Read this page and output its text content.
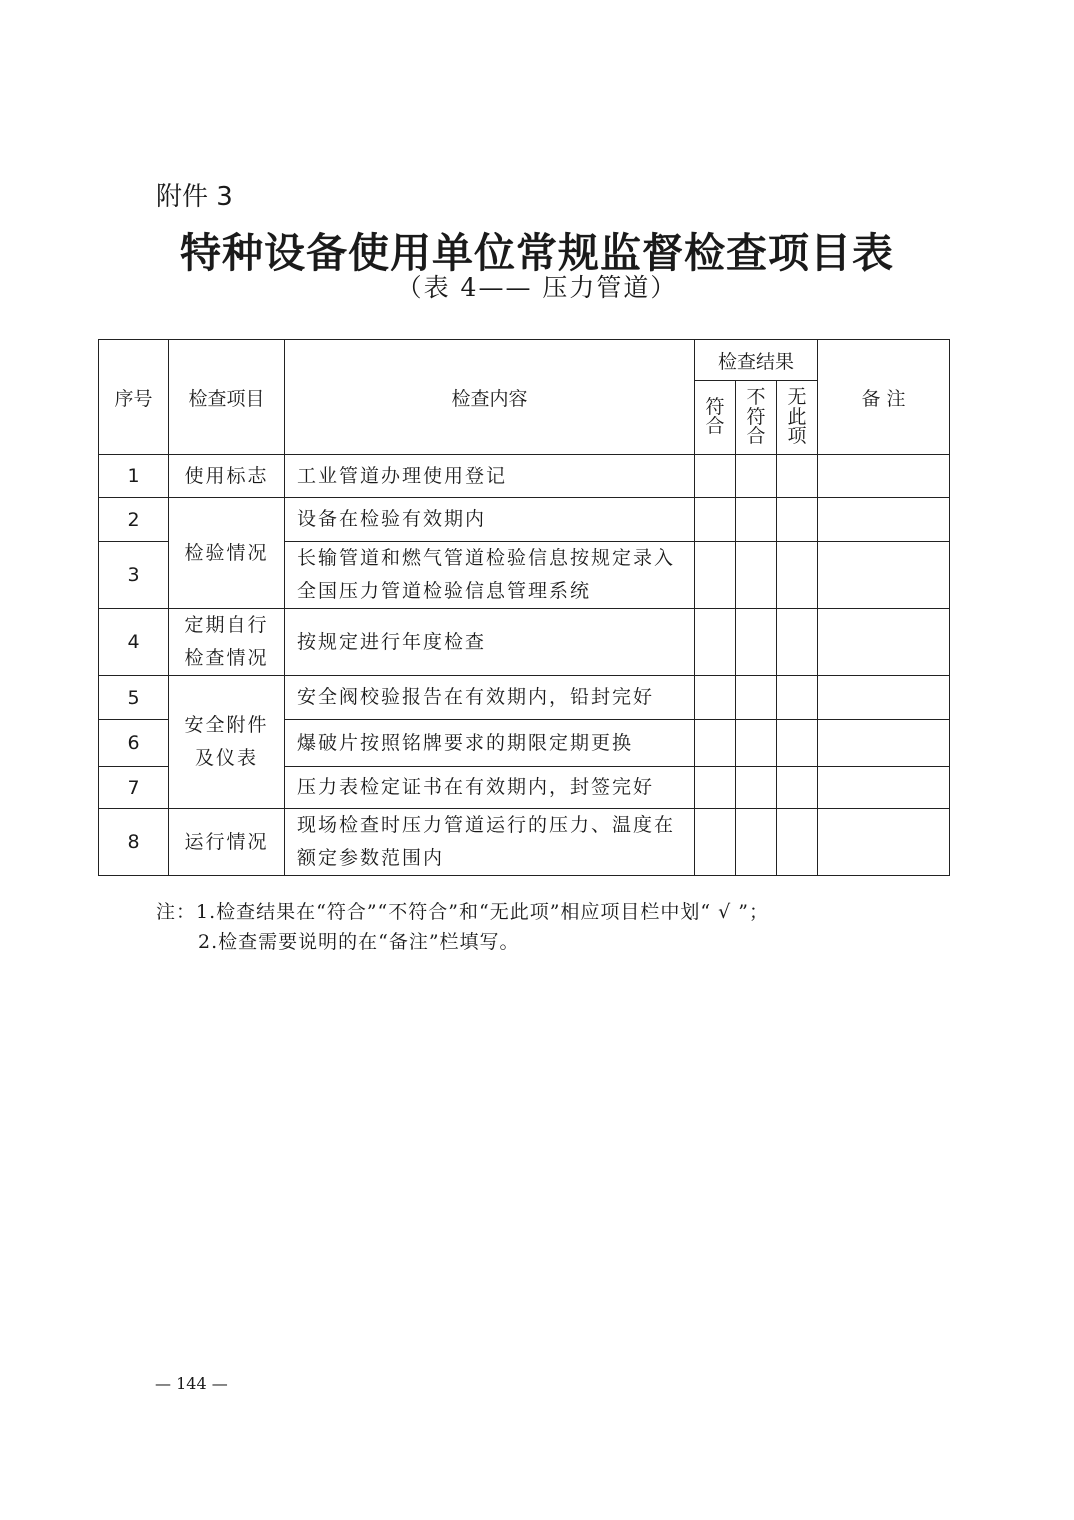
附件 3
特种设备使用单位常规监督检查项目表
（表 4—— 压力管道）
序号	检查项目	检查内容	检查结果			备 注
			符合	不符合	无此项	
1	使用标志	工业管道办理使用登记				
2	检验情况	设备在检验有效期内				
3		长输管道和燃气管道检验信息按规定录入全国压力管道检验信息管理系统				
4	定期自行检查情况	按规定进行年度检查				
5	安全附件及仪表	安全阀校验报告在有效期内，铅封完好				
6		爆破片按照铭牌要求的期限定期更换				
7		压力表检定证书在有效期内，封签完好				
8	运行情况	现场检查时压力管道运行的压力、温度在额定参数范围内				
注：1.检查结果在“符合”“不符合”和“无此项”相应项目栏中划“ √ ”；
2.检查需要说明的在“备注”栏填写。
— 144 —
